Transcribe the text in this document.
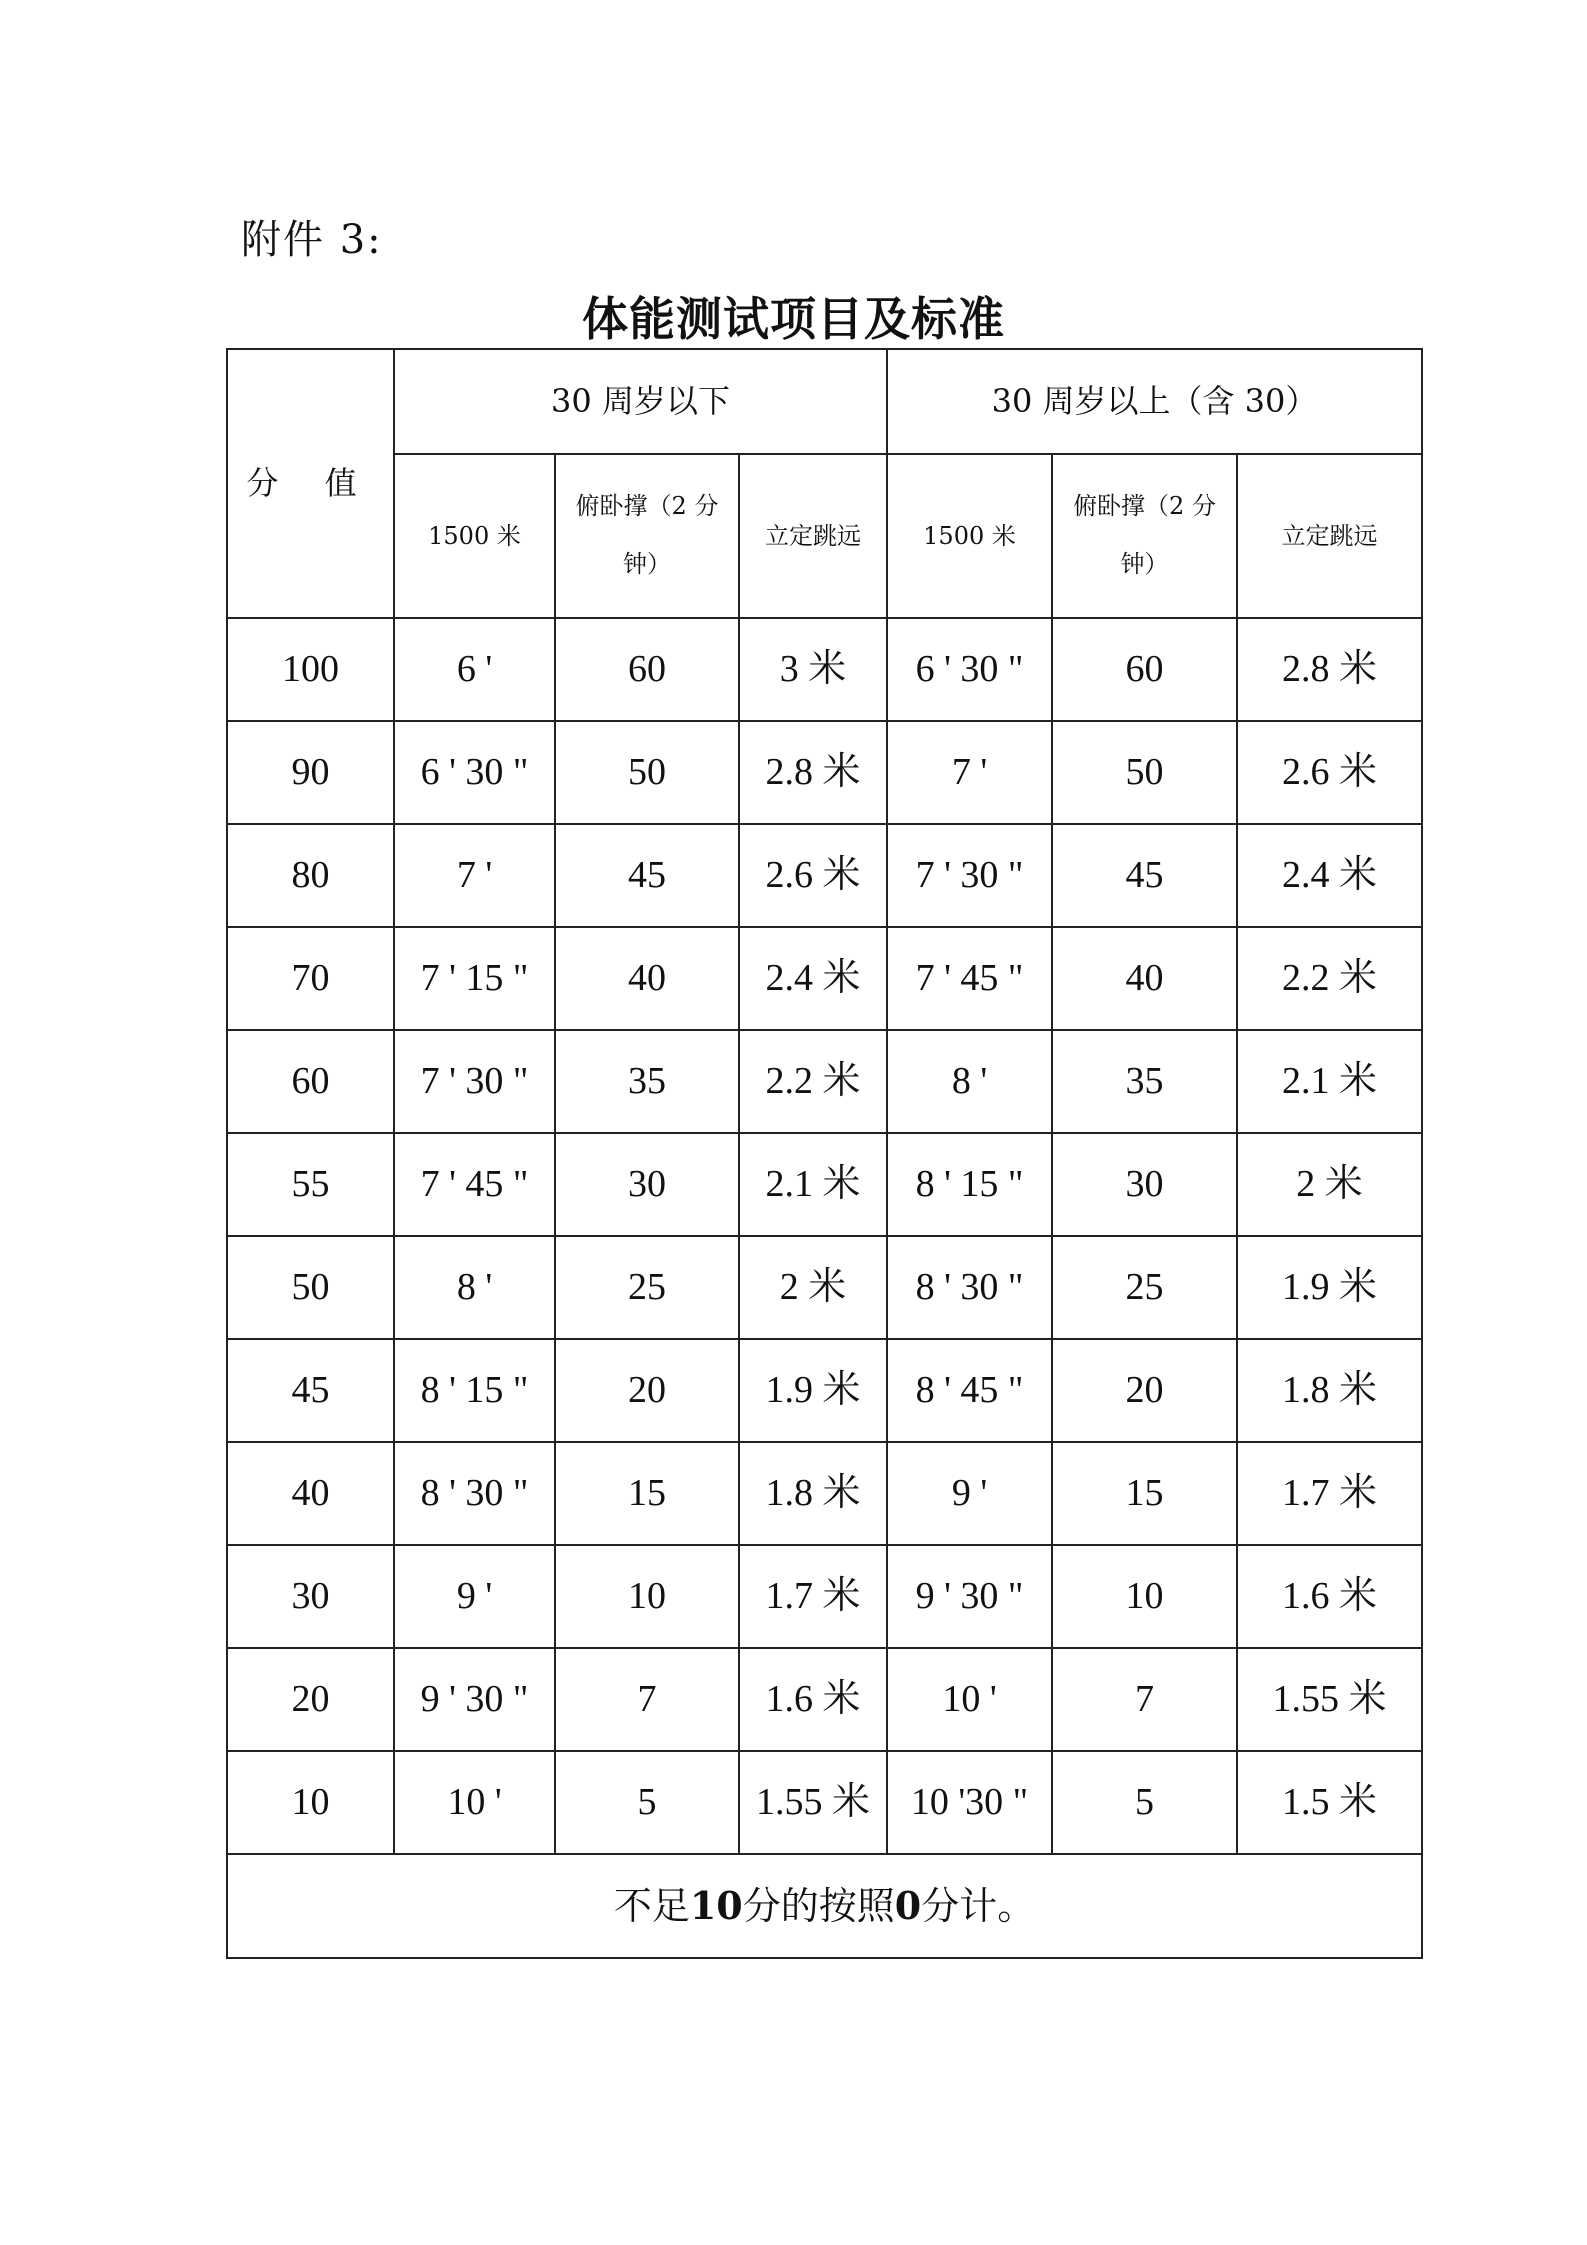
附件 3:
体能测试项目及标准
分 值	30 周岁以下			30 周岁以上（含 30）		
	1500 米	俯卧撑（2 分钟）	立定跳远	1500 米	俯卧撑（2 分钟）	立定跳远
100	6 '	60	3 米	6 ' 30 "	60	2.8 米
90	6 ' 30 "	50	2.8 米	7 '	50	2.6 米
80	7 '	45	2.6 米	7 ' 30 "	45	2.4 米
70	7 ' 15 "	40	2.4 米	7 ' 45 "	40	2.2 米
60	7 ' 30 "	35	2.2 米	8 '	35	2.1 米
55	7 ' 45 "	30	2.1 米	8 ' 15 "	30	2 米
50	8 '	25	2 米	8 ' 30 "	25	1.9 米
45	8 ' 15 "	20	1.9 米	8 ' 45 "	20	1.8 米
40	8 ' 30 "	15	1.8 米	9 '	15	1.7 米
30	9 '	10	1.7 米	9 ' 30 "	10	1.6 米
20	9 ' 30 "	7	1.6 米	10 '	7	1.55 米
10	10 '	5	1.55 米	10 '30 "	5	1.5 米
不足10分的按照0分计。						
